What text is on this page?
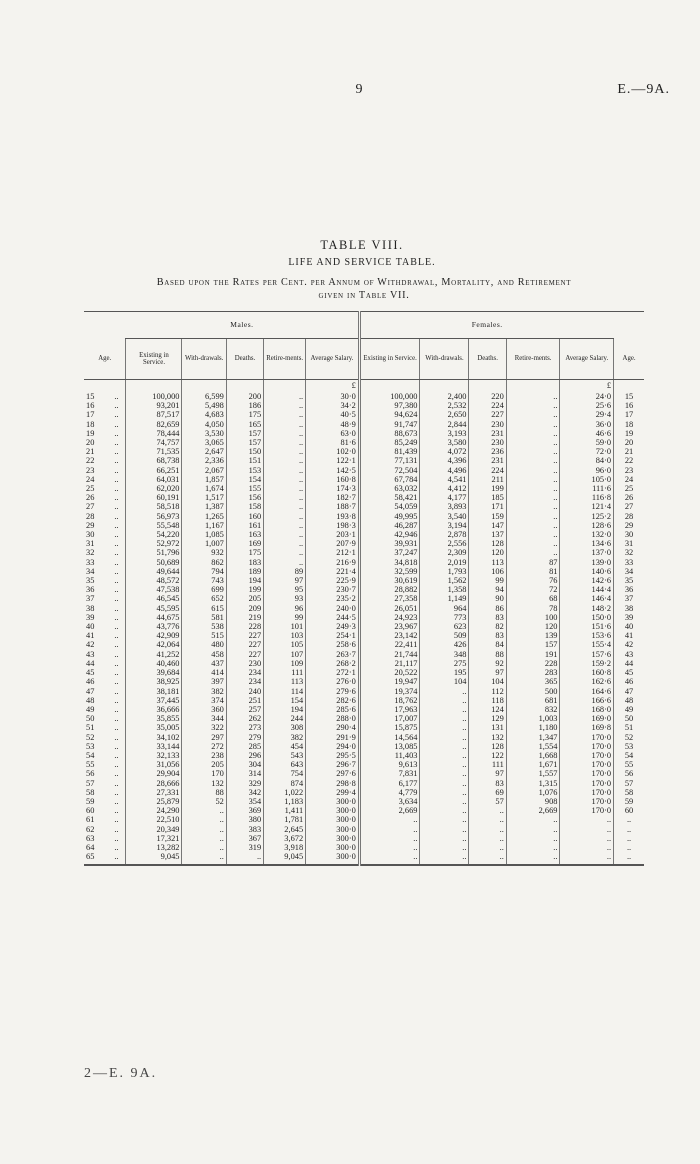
9	E.—9A.
TABLE VIII.
LIFE AND SERVICE TABLE.
Based upon the Rates per Cent. per Annum of Withdrawal, Mortality, and Retirement
given in Table VII.
		Males.					Females.					
Age.		Existing in Service.	With-drawals.	Deaths.	Retire-ments.	Average Salary.	Existing in Service.	With-drawals.	Deaths.	Retire-ments.	Average Salary.	Age.
						£					£	
15	..	100,000	6,599	200	..	30·0	100,000	2,400	220	..	24·0	15
16	..	93,201	5,498	186	..	34·2	97,380	2,532	224	..	25·6	16
17	..	87,517	4,683	175	..	40·5	94,624	2,650	227	..	29·4	17
18	..	82,659	4,050	165	..	48·9	91,747	2,844	230	..	36·0	18
19	..	78,444	3,530	157	..	63·0	88,673	3,193	231	..	46·6	19
20	..	74,757	3,065	157	..	81·6	85,249	3,580	230	..	59·0	20
21	..	71,535	2,647	150	..	102·0	81,439	4,072	236	..	72·0	21
22	..	68,738	2,336	151	..	122·1	77,131	4,396	231	..	84·0	22
23	..	66,251	2,067	153	..	142·5	72,504	4,496	224	..	96·0	23
24	..	64,031	1,857	154	..	160·8	67,784	4,541	211	..	105·0	24
25	..	62,020	1,674	155	..	174·3	63,032	4,412	199	..	111·6	25
26	..	60,191	1,517	156	..	182·7	58,421	4,177	185	..	116·8	26
27	..	58,518	1,387	158	..	188·7	54,059	3,893	171	..	121·4	27
28	..	56,973	1,265	160	..	193·8	49,995	3,540	159	..	125·2	28
29	..	55,548	1,167	161	..	198·3	46,287	3,194	147	..	128·6	29
30	..	54,220	1,085	163	..	203·1	42,946	2,878	137	..	132·0	30
31	..	52,972	1,007	169	..	207·9	39,931	2,556	128	..	134·6	31
32	..	51,796	932	175	..	212·1	37,247	2,309	120	..	137·0	32
33	..	50,689	862	183	..	216·9	34,818	2,019	113	87	139·0	33
34	..	49,644	794	189	89	221·4	32,599	1,793	106	81	140·6	34
35	..	48,572	743	194	97	225·9	30,619	1,562	99	76	142·6	35
36	..	47,538	699	199	95	230·7	28,882	1,358	94	72	144·4	36
37	..	46,545	652	205	93	235·2	27,358	1,149	90	68	146·4	37
38	..	45,595	615	209	96	240·0	26,051	964	86	78	148·2	38
39	..	44,675	581	219	99	244·5	24,923	773	83	100	150·0	39
40	..	43,776	538	228	101	249·3	23,967	623	82	120	151·6	40
41	..	42,909	515	227	103	254·1	23,142	509	83	139	153·6	41
42	..	42,064	480	227	105	258·6	22,411	426	84	157	155·4	42
43	..	41,252	458	227	107	263·7	21,744	348	88	191	157·6	43
44	..	40,460	437	230	109	268·2	21,117	275	92	228	159·2	44
45	..	39,684	414	234	111	272·1	20,522	195	97	283	160·8	45
46	..	38,925	397	234	113	276·0	19,947	104	104	365	162·6	46
47	..	38,181	382	240	114	279·6	19,374	..	112	500	164·6	47
48	..	37,445	374	251	154	282·6	18,762	..	118	681	166·6	48
49	..	36,666	360	257	194	285·6	17,963	..	124	832	168·0	49
50	..	35,855	344	262	244	288·0	17,007	..	129	1,003	169·0	50
51	..	35,005	322	273	308	290·4	15,875	..	131	1,180	169·8	51
52	..	34,102	297	279	382	291·9	14,564	..	132	1,347	170·0	52
53	..	33,144	272	285	454	294·0	13,085	..	128	1,554	170·0	53
54	..	32,133	238	296	543	295·5	11,403	..	122	1,668	170·0	54
55	..	31,056	205	304	643	296·7	9,613	..	111	1,671	170·0	55
56	..	29,904	170	314	754	297·6	7,831	..	97	1,557	170·0	56
57	..	28,666	132	329	874	298·8	6,177	..	83	1,315	170·0	57
58	..	27,331	88	342	1,022	299·4	4,779	..	69	1,076	170·0	58
59	..	25,879	52	354	1,183	300·0	3,634	..	57	908	170·0	59
60	..	24,290	..	369	1,411	300·0	2,669	..	..	2,669	170·0	60
61	..	22,510	..	380	1,781	300·0	..	..	..	..	..	..
62	..	20,349	..	383	2,645	300·0	..	..	..	..	..	..
63	..	17,321	..	367	3,672	300·0	..	..	..	..	..	..
64	..	13,282	..	319	3,918	300·0	..	..	..	..	..	..
65	..	9,045	..	..	9,045	300·0	..	..	..	..	..	..
2—E. 9A.
